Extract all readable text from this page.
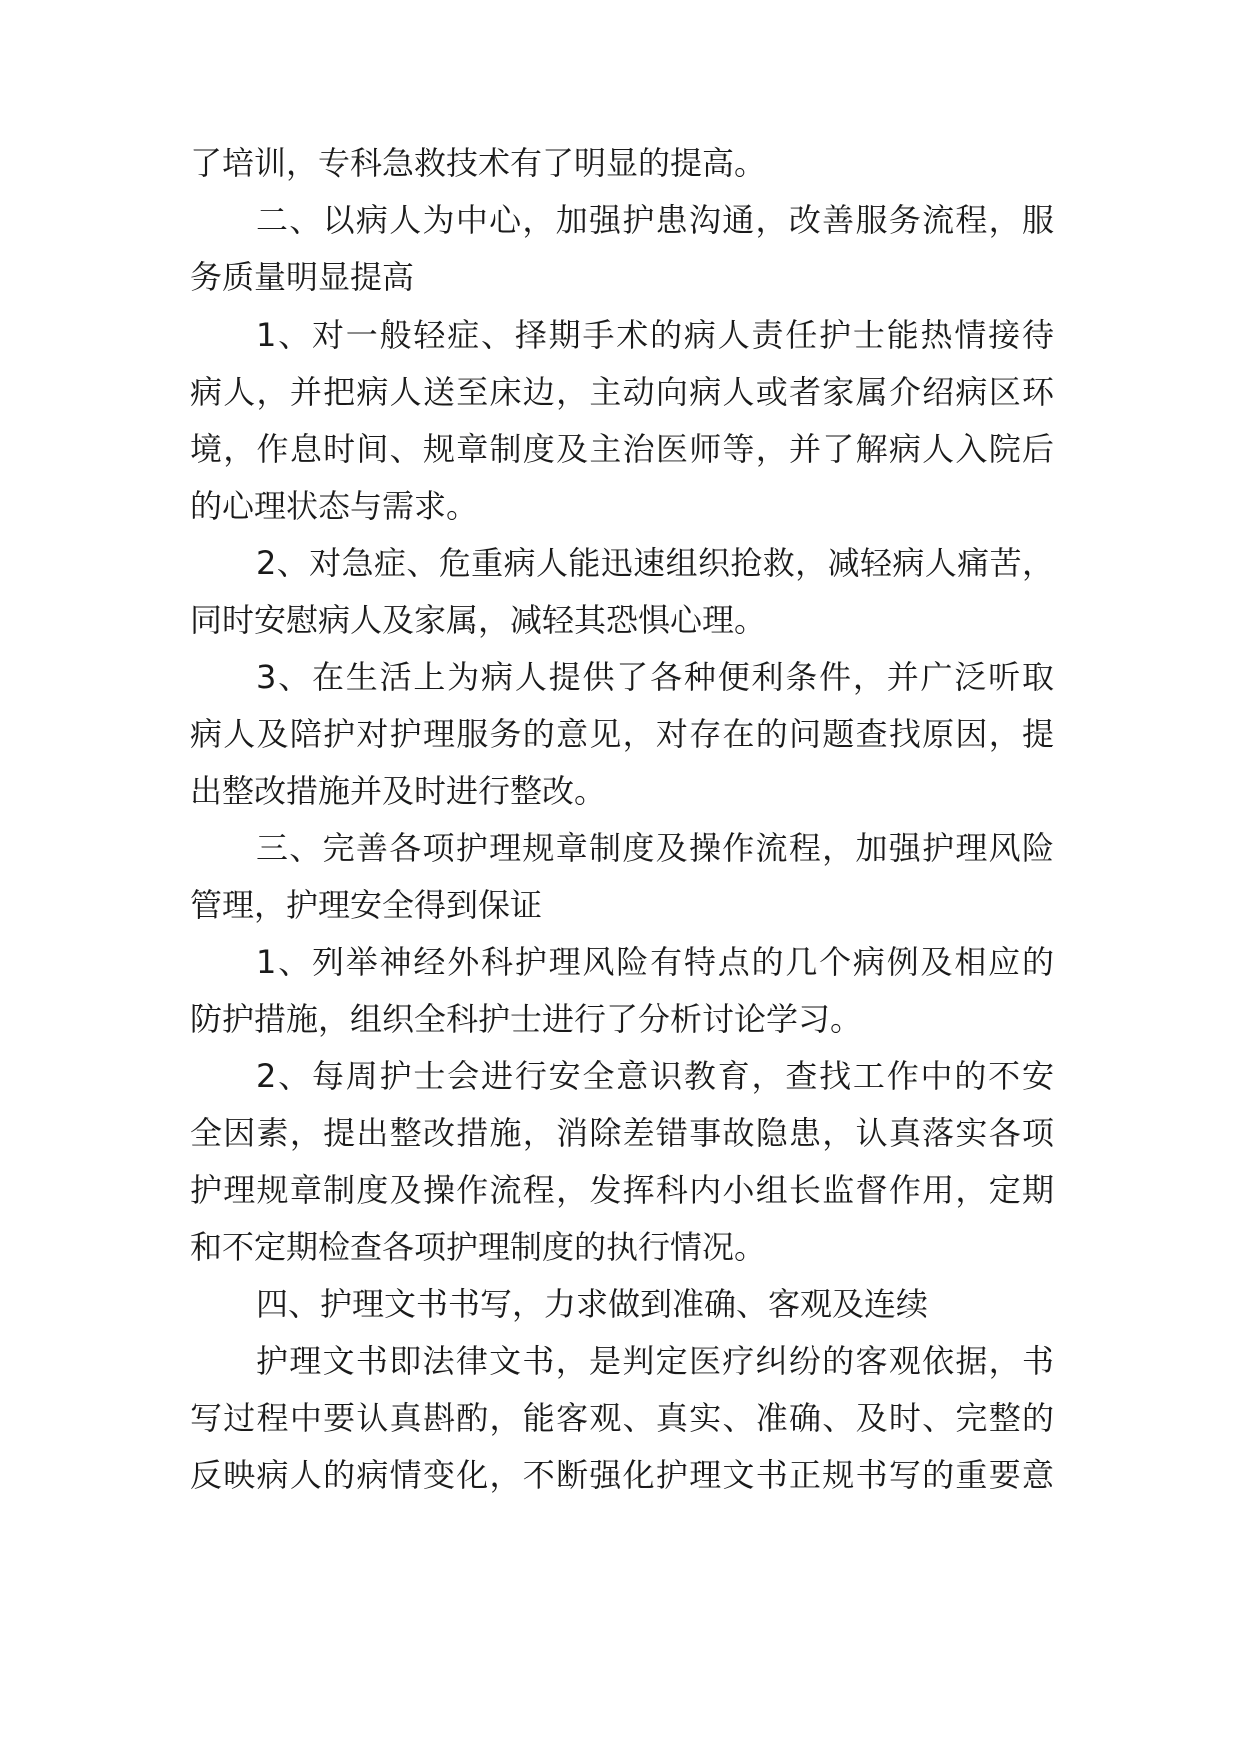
了培训，专科急救技术有了明显的提高。
二、以病人为中心，加强护患沟通，改善服务流程，服
务质量明显提高
1、对一般轻症、择期手术的病人责任护士能热情接待
病人，并把病人送至床边，主动向病人或者家属介绍病区环
境，作息时间、规章制度及主治医师等，并了解病人入院后
的心理状态与需求。
2、对急症、危重病人能迅速组织抢救，减轻病人痛苦，
同时安慰病人及家属，减轻其恐惧心理。
3、在生活上为病人提供了各种便利条件，并广泛听取
病人及陪护对护理服务的意见，对存在的问题查找原因，提
出整改措施并及时进行整改。
三、完善各项护理规章制度及操作流程，加强护理风险
管理，护理安全得到保证
1、列举神经外科护理风险有特点的几个病例及相应的
防护措施，组织全科护士进行了分析讨论学习。
2、每周护士会进行安全意识教育，查找工作中的不安
全因素，提出整改措施，消除差错事故隐患，认真落实各项
护理规章制度及操作流程，发挥科内小组长监督作用，定期
和不定期检查各项护理制度的执行情况。
四、护理文书书写，力求做到准确、客观及连续
护理文书即法律文书，是判定医疗纠纷的客观依据，书
写过程中要认真斟酌，能客观、真实、准确、及时、完整的
反映病人的病情变化，不断强化护理文书正规书写的重要意
